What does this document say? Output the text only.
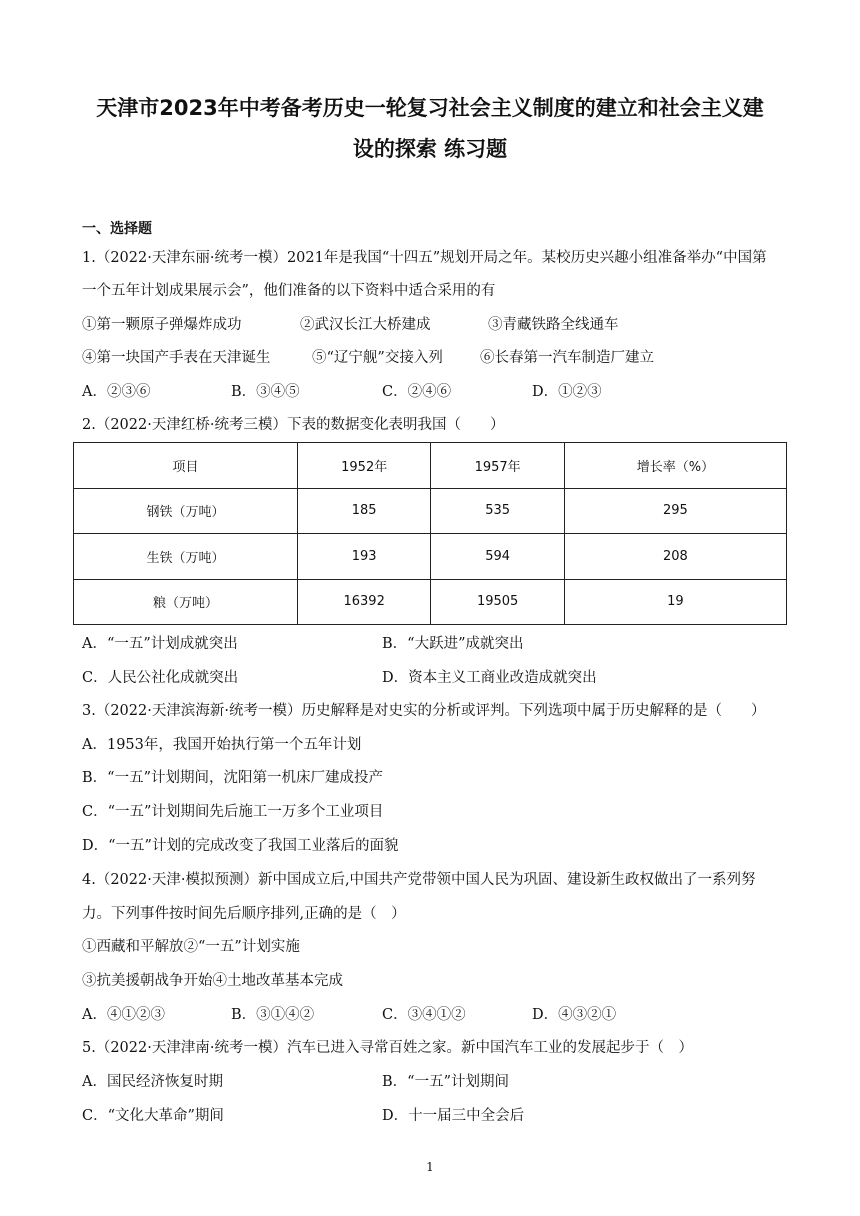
天津市2023年中考备考历史一轮复习社会主义制度的建立和社会主义建
设的探索 练习题
一、选择题
1.（2022·天津东丽·统考一模）2021年是我国“十四五”规划开局之年。某校历史兴趣小组准备举办“中国第
一个五年计划成果展示会”，他们准备的以下资料中适合采用的有
①第一颗原子弹爆炸成功	②武汉长江大桥建成	③青藏铁路全线通车
④第一块国产手表在天津诞生	⑤“辽宁舰”交接入列	⑥长春第一汽车制造厂建立
A．②③⑥	B．③④⑤	C．②④⑥	D．①②③
2.（2022·天津红桥·统考三模）下表的数据变化表明我国（　　）
项目	1952年	1957年	增长率（%）
钢铁（万吨）	185	535	295
生铁（万吨）	193	594	208
粮（万吨）	16392	19505	19
A．“一五”计划成就突出	B．“大跃进”成就突出
C．人民公社化成就突出	D．资本主义工商业改造成就突出
3.（2022·天津滨海新·统考一模）历史解释是对史实的分析或评判。下列选项中属于历史解释的是（　　）
A．1953年，我国开始执行第一个五年计划
B．“一五”计划期间，沈阳第一机床厂建成投产
C．“一五”计划期间先后施工一万多个工业项目
D．“一五”计划的完成改变了我国工业落后的面貌
4.（2022·天津·模拟预测）新中国成立后,中国共产党带领中国人民为巩固、建设新生政权做出了一系列努
力。下列事件按时间先后顺序排列,正确的是（　）
①西藏和平解放②“一五”计划实施
③抗美援朝战争开始④土地改革基本完成
A．④①②③	B．③①④②	C．③④①②	D．④③②①
5.（2022·天津津南·统考一模）汽车已进入寻常百姓之家。新中国汽车工业的发展起步于（　）
A．国民经济恢复时期	B．“一五”计划期间
C．“文化大革命”期间	D．十一届三中全会后
1
